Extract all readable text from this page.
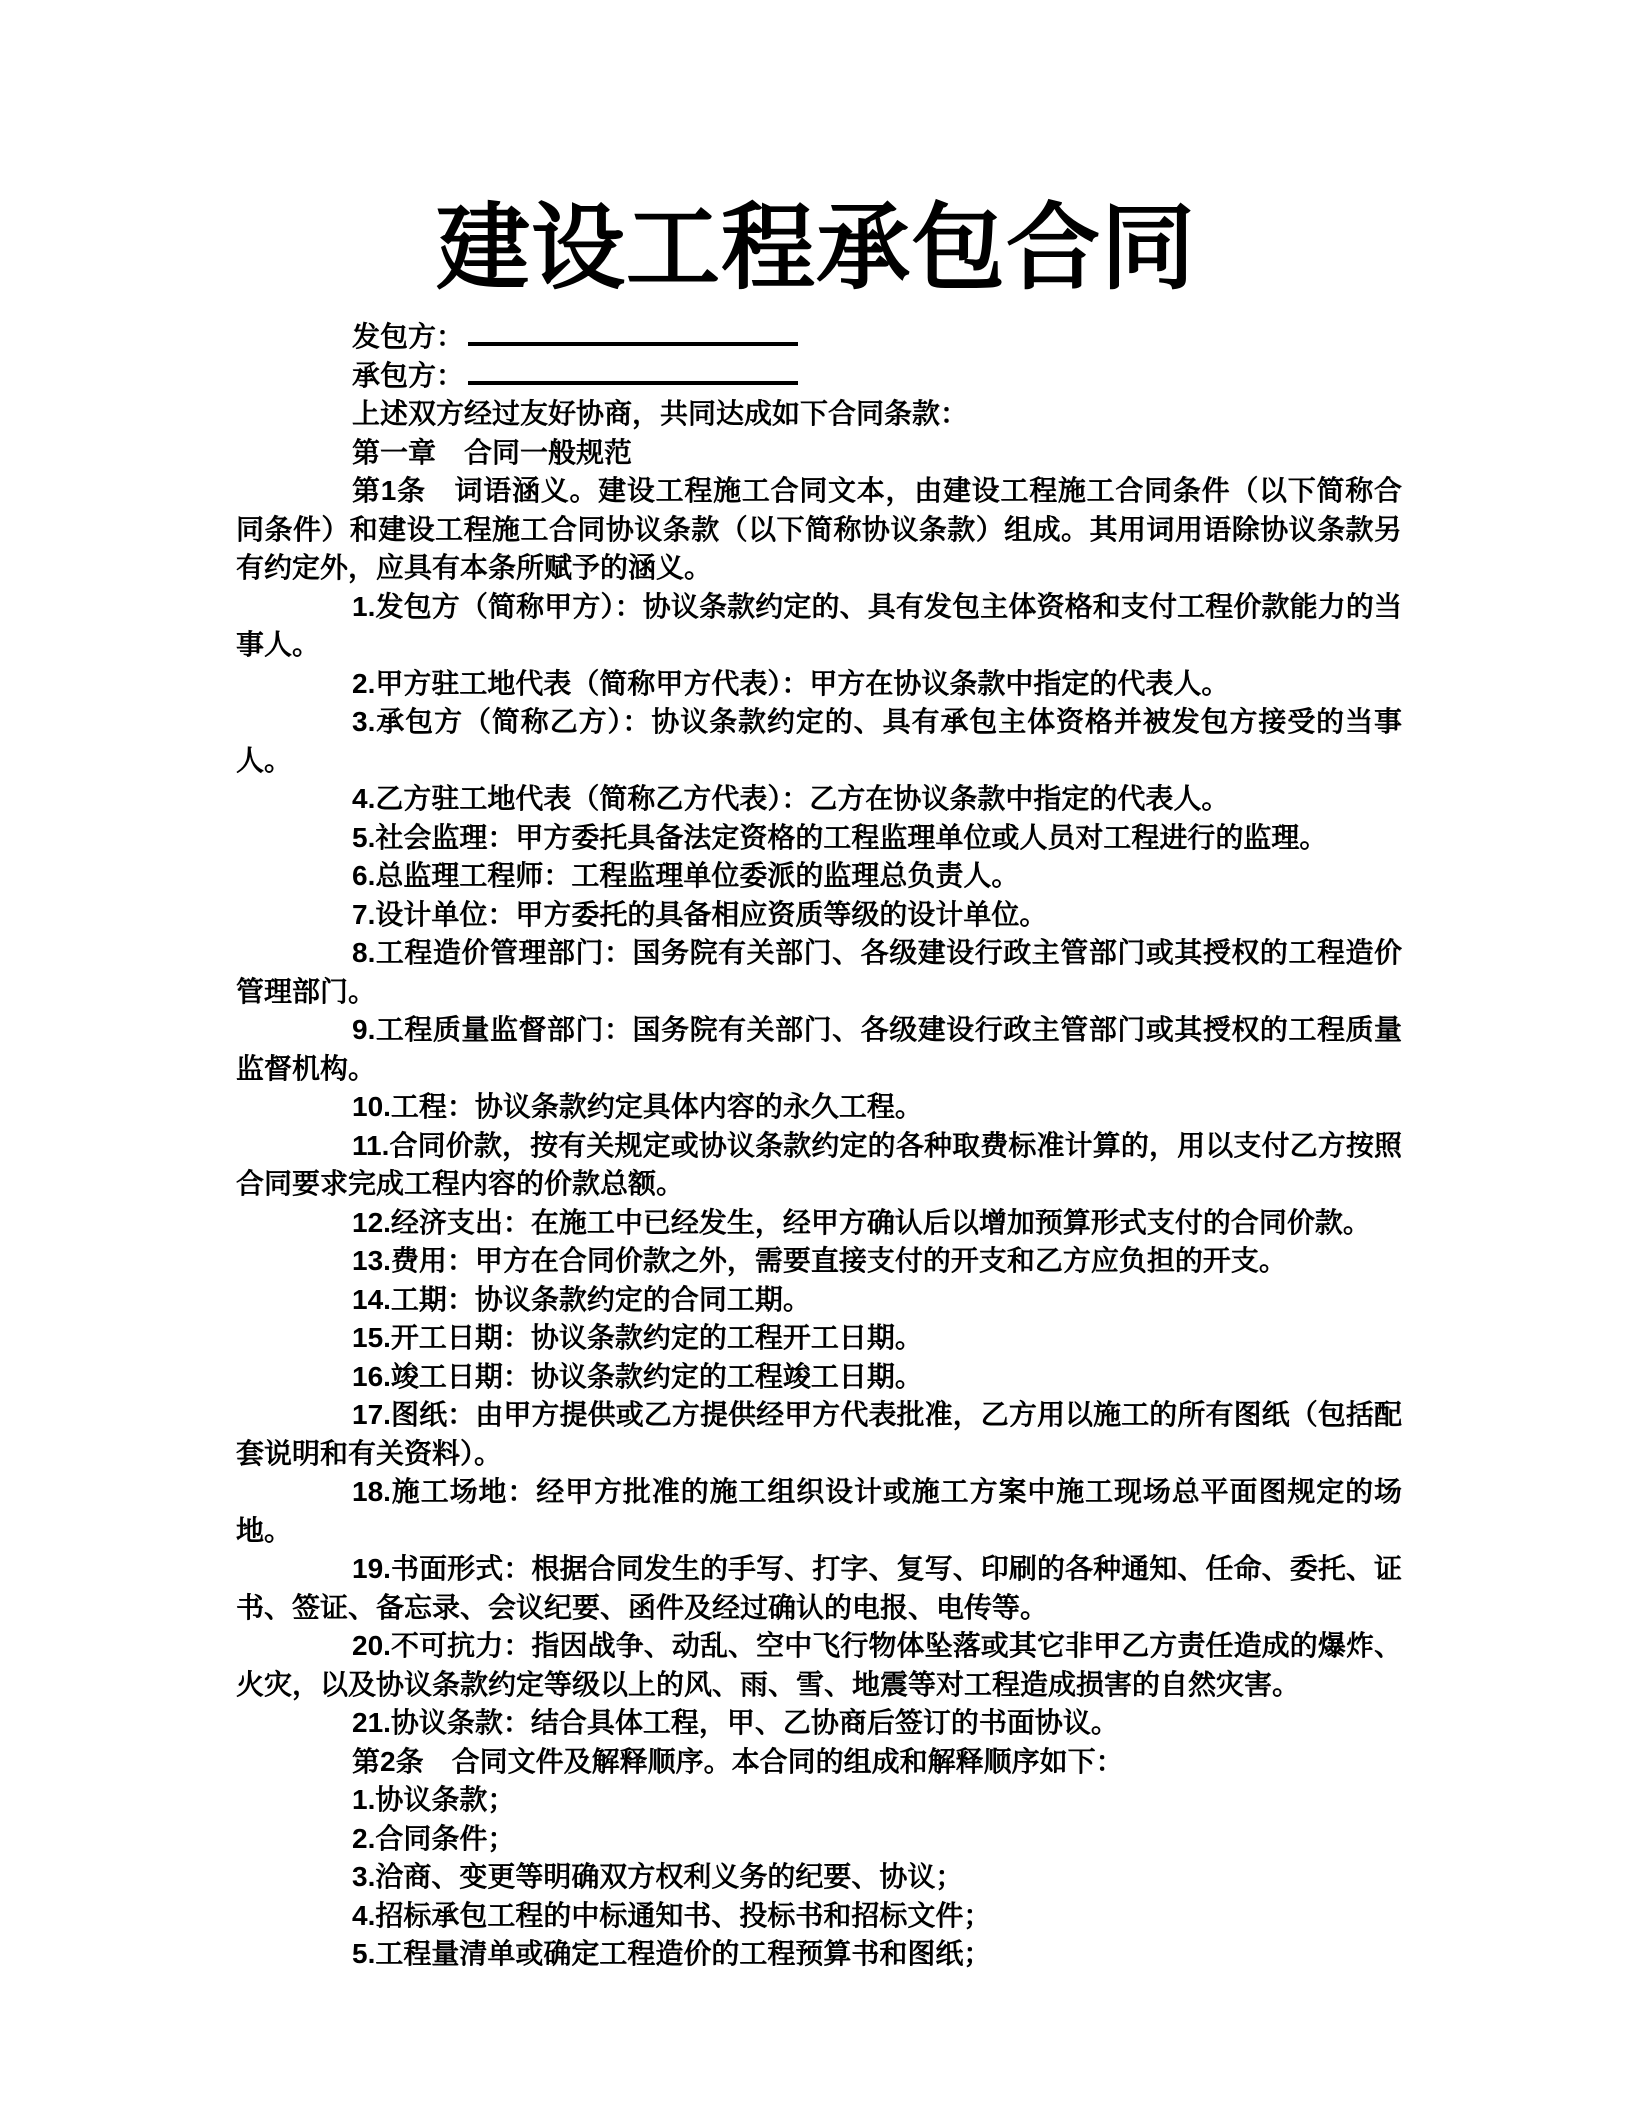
建设工程承包合同

发包方：

承包方：

上述双方经过友好协商，共同达成如下合同条款：

第一章　合同一般规范

第1条　词语涵义。建设工程施工合同文本，由建设工程施工合同条件（以下简称合同条件）和建设工程施工合同协议条款（以下简称协议条款）组成。其用词用语除协议条款另有约定外，应具有本条所赋予的涵义。

1.发包方（简称甲方）：协议条款约定的、具有发包主体资格和支付工程价款能力的当事人。

2.甲方驻工地代表（简称甲方代表）：甲方在协议条款中指定的代表人。

3.承包方（简称乙方）：协议条款约定的、具有承包主体资格并被发包方接受的当事人。

4.乙方驻工地代表（简称乙方代表）：乙方在协议条款中指定的代表人。

5.社会监理：甲方委托具备法定资格的工程监理单位或人员对工程进行的监理。

6.总监理工程师：工程监理单位委派的监理总负责人。

7.设计单位：甲方委托的具备相应资质等级的设计单位。

8.工程造价管理部门：国务院有关部门、各级建设行政主管部门或其授权的工程造价管理部门。

9.工程质量监督部门：国务院有关部门、各级建设行政主管部门或其授权的工程质量监督机构。

10.工程：协议条款约定具体内容的永久工程。

11.合同价款，按有关规定或协议条款约定的各种取费标准计算的，用以支付乙方按照合同要求完成工程内容的价款总额。

12.经济支出：在施工中已经发生，经甲方确认后以增加预算形式支付的合同价款。

13.费用：甲方在合同价款之外，需要直接支付的开支和乙方应负担的开支。

14.工期：协议条款约定的合同工期。

15.开工日期：协议条款约定的工程开工日期。

16.竣工日期：协议条款约定的工程竣工日期。

17.图纸：由甲方提供或乙方提供经甲方代表批准，乙方用以施工的所有图纸（包括配套说明和有关资料）。

18.施工场地：经甲方批准的施工组织设计或施工方案中施工现场总平面图规定的场地。

19.书面形式：根据合同发生的手写、打字、复写、印刷的各种通知、任命、委托、证书、签证、备忘录、会议纪要、函件及经过确认的电报、电传等。

20.不可抗力：指因战争、动乱、空中飞行物体坠落或其它非甲乙方责任造成的爆炸、火灾，以及协议条款约定等级以上的风、雨、雪、地震等对工程造成损害的自然灾害。

21.协议条款：结合具体工程，甲、乙协商后签订的书面协议。

第2条　合同文件及解释顺序。本合同的组成和解释顺序如下：

1.协议条款；

2.合同条件；

3.洽商、变更等明确双方权利义务的纪要、协议；

4.招标承包工程的中标通知书、投标书和招标文件；

5.工程量清单或确定工程造价的工程预算书和图纸；
